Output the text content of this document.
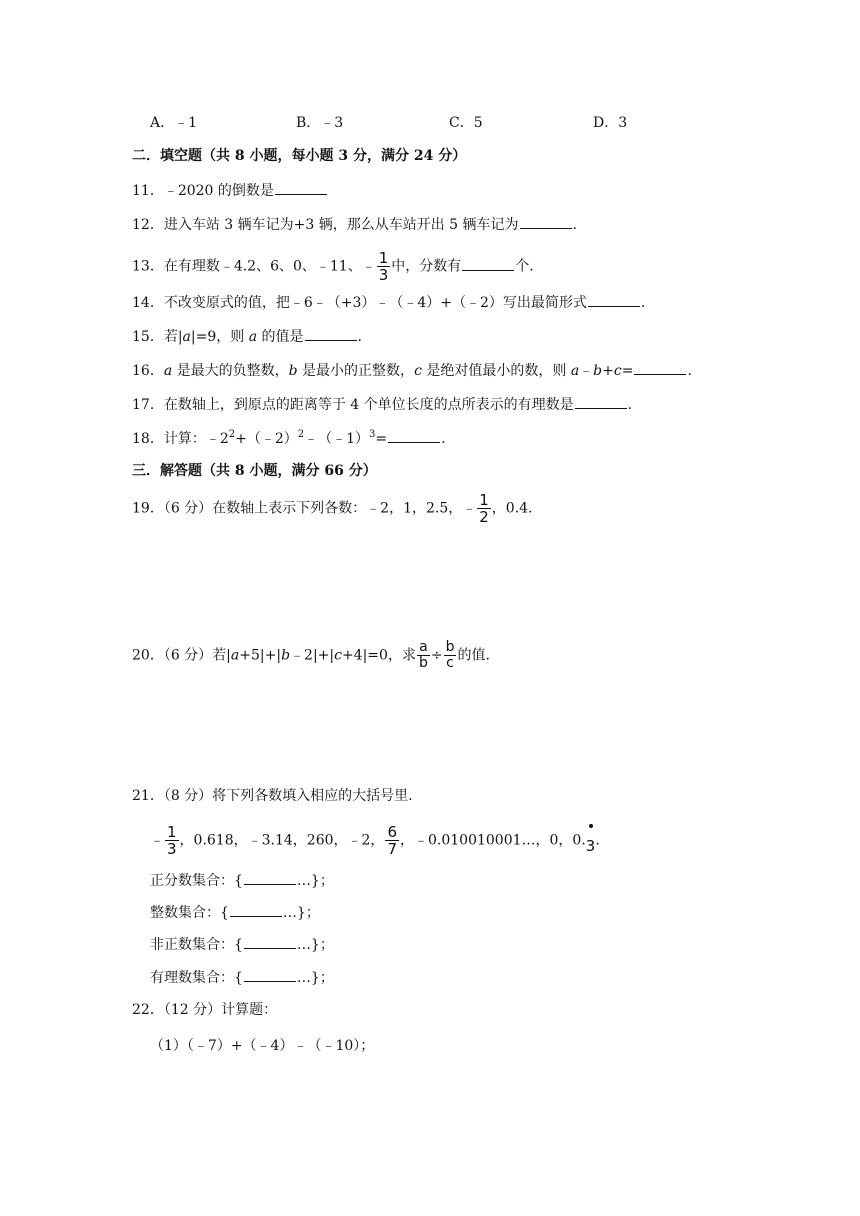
A．﹣1	B．﹣3	C．5	D．3
二．填空题（共 8 小题，每小题 3 分，满分 24 分）
11．﹣2020 的倒数是
12．进入车站 3 辆车记为+3 辆，那么从车站开出 5 辆车记为	.
13．在有理数﹣4.2、6、0、﹣11、﹣ $\frac{1}{3}$ 中，分数有	个.
14．不改变原式的值，把﹣6﹣（+3）﹣（﹣4）+（﹣2）写出最简形式	.
15．若|a|=9，则 a 的值是	.
16．a 是最大的负整数，b 是最小的正整数，c 是绝对值最小的数，则 a﹣b+c=	.
17．在数轴上，到原点的距离等于 4 个单位长度的点所表示的有理数是	.
18．计算：$﹣2^2+(﹣2)^2﹣(﹣1)^3=$	.
三．解答题（共 8 小题，满分 66 分）
19．（6 分）在数轴上表示下列各数：﹣2，1，2.5，﹣ $\frac{1}{2}$ ，0.4.
20．（6 分）若|a+5|+|b﹣2|+|c+4|=0，求 $\frac{a}{b} \div \frac{b}{c}$ 的值.
21．（8 分）将下列各数填入相应的大括号里.
﹣ $\frac{1}{3}$ ，0.618，﹣3.14，260，﹣2， $\frac{6}{7}$ ，﹣0.010010001…，0，0.3.
正分数集合：{	…}；
整数集合：{	…}；
非正数集合：{	…}；
有理数集合：{	…}；
22．（12 分）计算题：
（1）（﹣7）+（﹣4）﹣（﹣10）；
